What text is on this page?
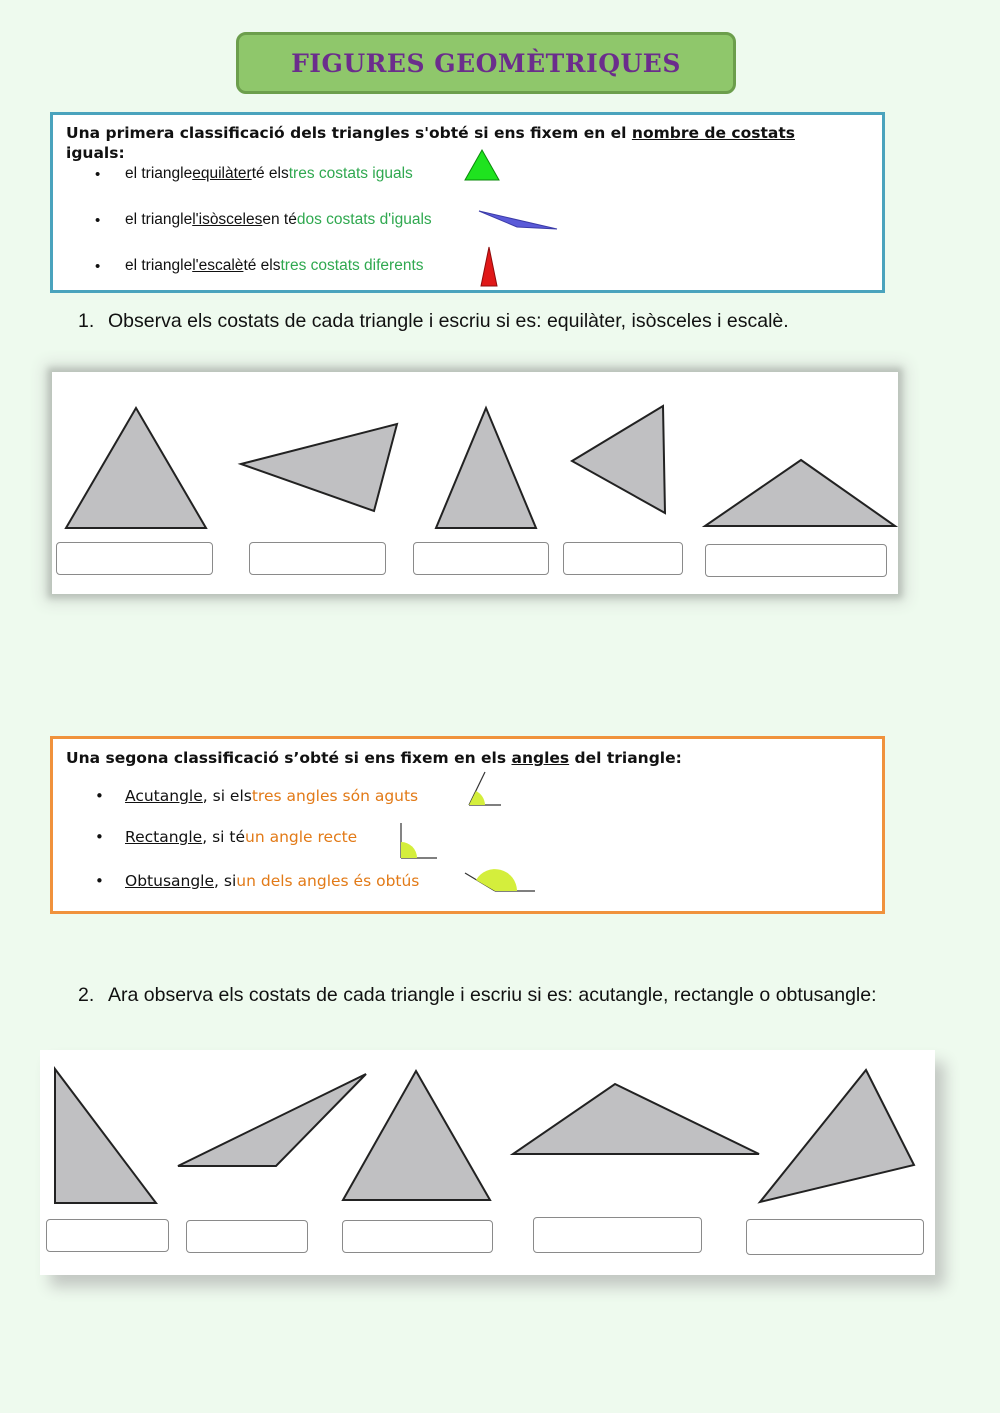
FIGURES GEOMÈTRIQUES
Una primera classificació dels triangles s'obté si ens fixem en el nombre de costats
iguals:
•	el triangle equilàter té els tres costats iguals
•	el triangle l'isòsceles en té dos costats d'iguals
•	el triangle l'escalè té els tres costats diferents
1. Observa els costats de cada triangle i escriu si es: equilàter, isòsceles i escalè.
Una segona classificació s’obté si ens fixem en els angles del triangle:
•	Acutangle , si els tres angles són aguts
•	Rectangle , si té un angle recte
•	Obtusangle , si un dels angles és obtús
2. Ara observa els costats de cada triangle i escriu si es: acutangle, rectangle o obtusangle:
